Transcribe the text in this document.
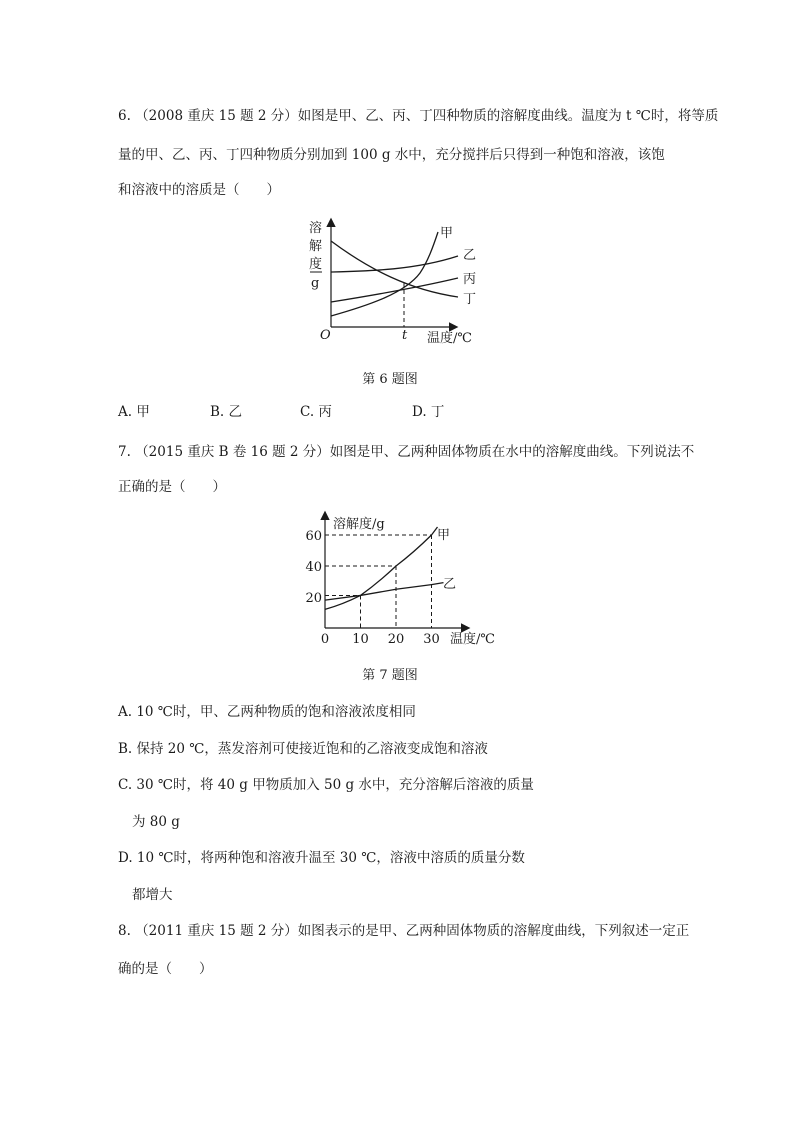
6. （2008 重庆 15 题 2 分）如图是甲、乙、丙、丁四种物质的溶解度曲线。温度为 t ℃时，将等质
量的甲、乙、丙、丁四种物质分别加到 100 g 水中，充分搅拌后只得到一种饱和溶液，该饱
和溶液中的溶质是（　　）
溶
解
度
g
O	t 温度/℃
甲
乙
丙
丁
第 6 题图
A. 甲	B. 乙	C. 丙	D. 丁
7. （2015 重庆 B 卷 16 题 2 分）如图是甲、乙两种固体物质在水中的溶解度曲线。下列说法不
正确的是（　　）
溶解度/g
温度/℃
0 10 20 30
20
40
60	甲
乙
第 7 题图
A. 10 ℃时，甲、乙两种物质的饱和溶液浓度相同
B. 保持 20 ℃，蒸发溶剂可使接近饱和的乙溶液变成饱和溶液
C. 30 ℃时，将 40 g 甲物质加入 50 g 水中，充分溶解后溶液的质量
为 80 g
D. 10 ℃时，将两种饱和溶液升温至 30 ℃，溶液中溶质的质量分数
都增大
8. （2011 重庆 15 题 2 分）如图表示的是甲、乙两种固体物质的溶解度曲线，下列叙述一定正
确的是（　　）
